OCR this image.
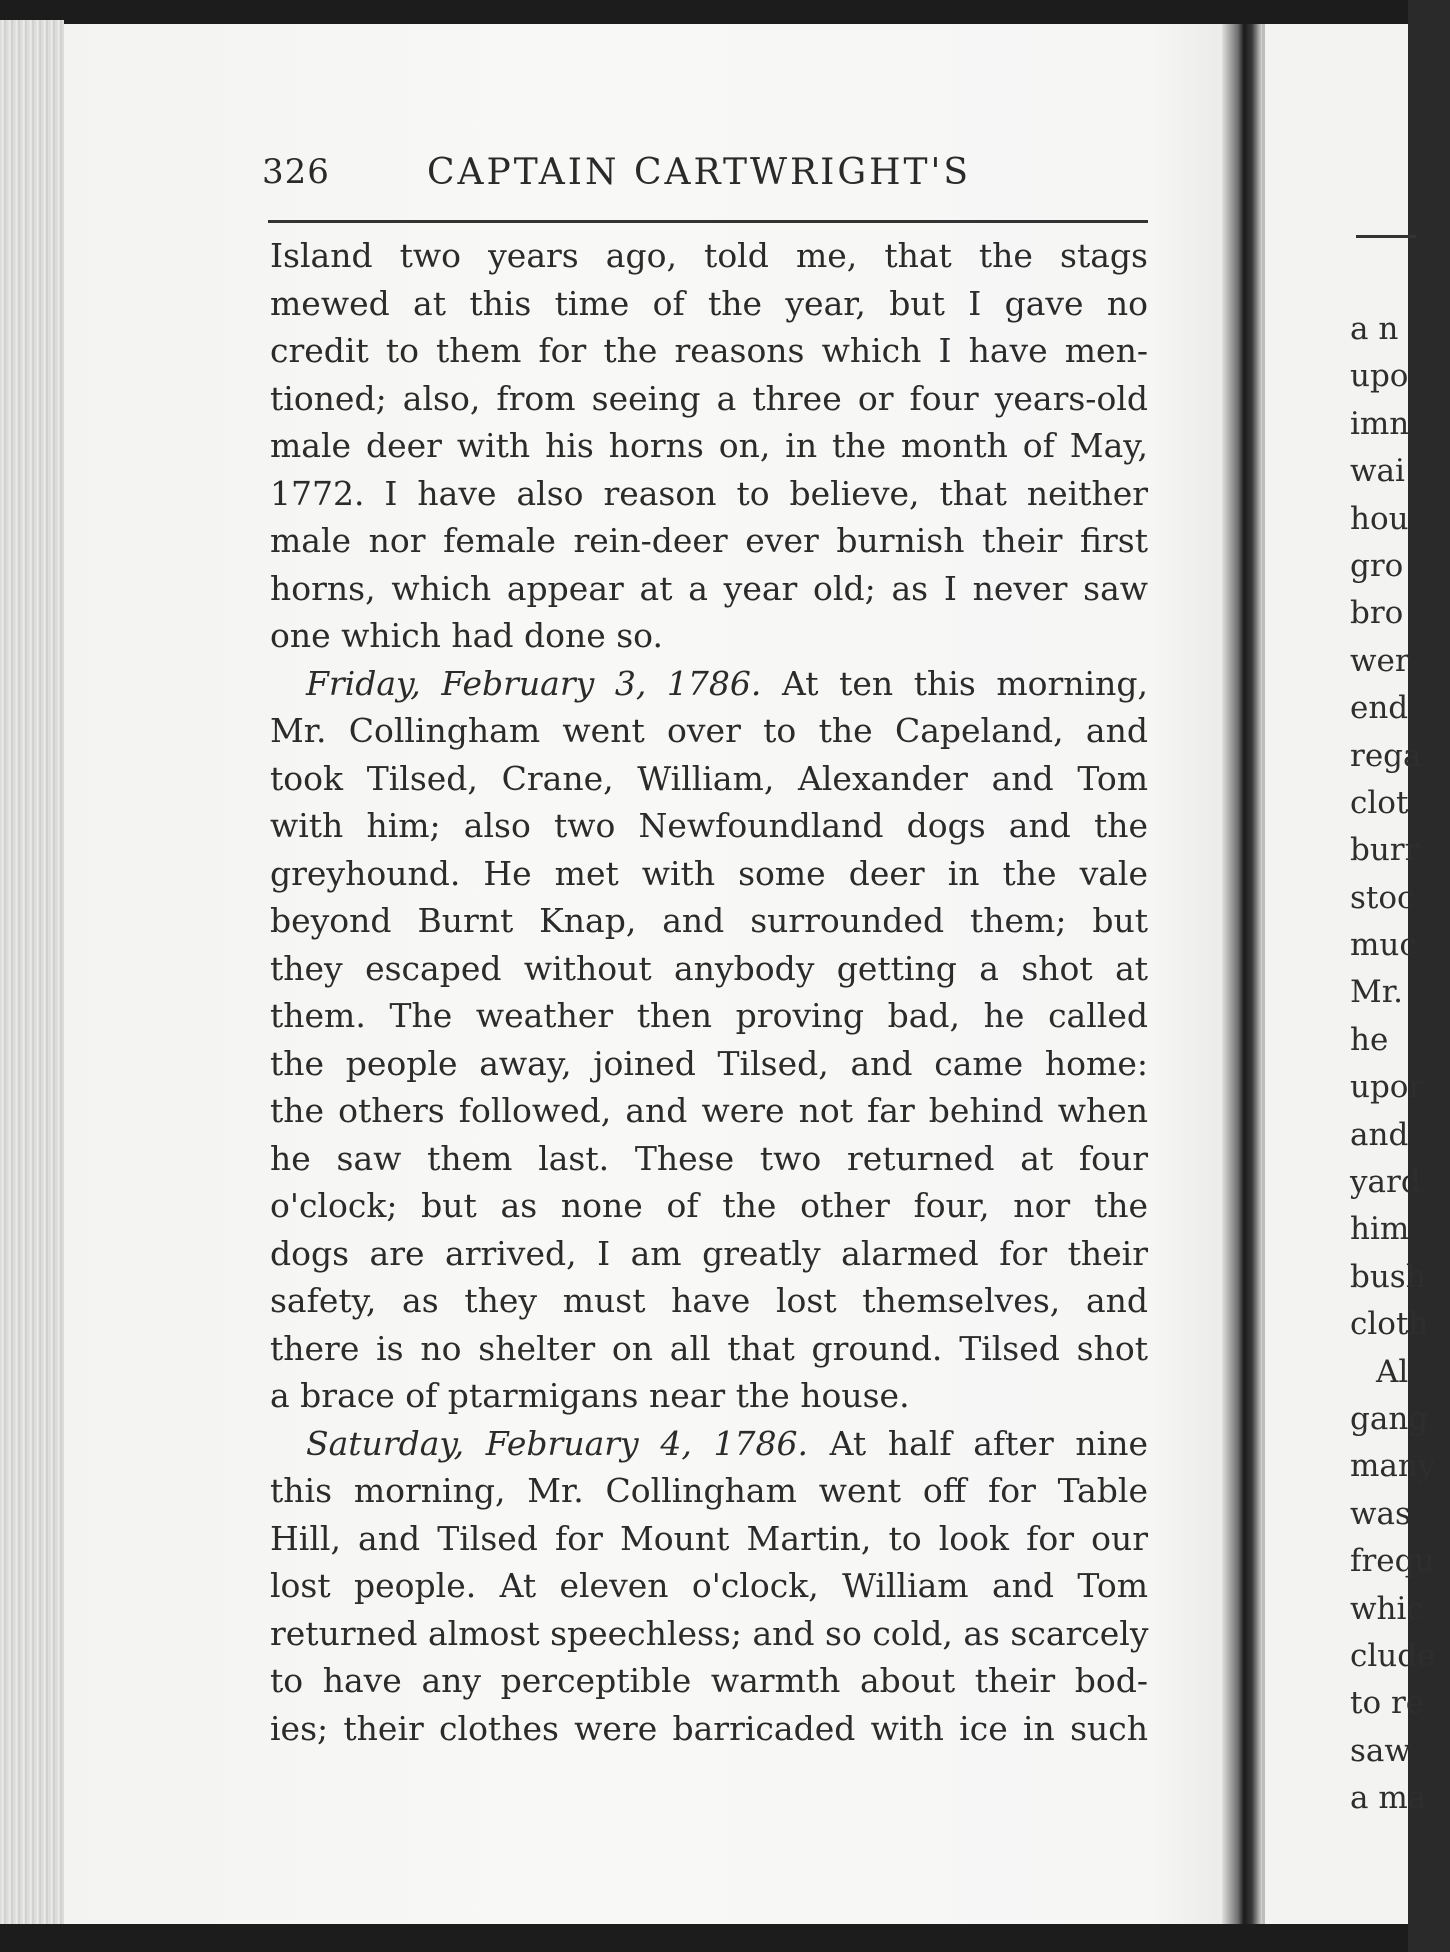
326	CAPTAIN CARTWRIGHT'S
Island two years ago, told me, that the stags
mewed at this time of the year, but I gave no
credit to them for the reasons which I have men-
tioned; also, from seeing a three or four years-old
male deer with his horns on, in the month of May,
1772. I have also reason to believe, that neither
male nor female rein-deer ever burnish their first
horns, which appear at a year old; as I never saw
one which had done so.
Friday, February 3, 1786. At ten this morning,
Mr. Collingham went over to the Capeland, and
took Tilsed, Crane, William, Alexander and Tom
with him; also two Newfoundland dogs and the
greyhound. He met with some deer in the vale
beyond Burnt Knap, and surrounded them; but
they escaped without anybody getting a shot at
them. The weather then proving bad, he called
the people away, joined Tilsed, and came home:
the others followed, and were not far behind when
he saw them last. These two returned at four
o'clock; but as none of the other four, nor the
dogs are arrived, I am greatly alarmed for their
safety, as they must have lost themselves, and
there is no shelter on all that ground. Tilsed shot
a brace of ptarmigans near the house.
Saturday, February 4, 1786. At half after nine
this morning, Mr. Collingham went off for Table
Hill, and Tilsed for Mount Martin, to look for our
lost people. At eleven o'clock, William and Tom
returned almost speechless; and so cold, as scarcely
to have any perceptible warmth about their bod-
ies; their clothes were barricaded with ice in such
a n
upo
imn
wai
hou
gro
bro
wer
end
rega
clot
burr
stoc
muc
Mr.
he
upor
and
yard
him
bush
cloth
Al
gang
many
was
frequ
whic
clude
to re
saw
a ma
